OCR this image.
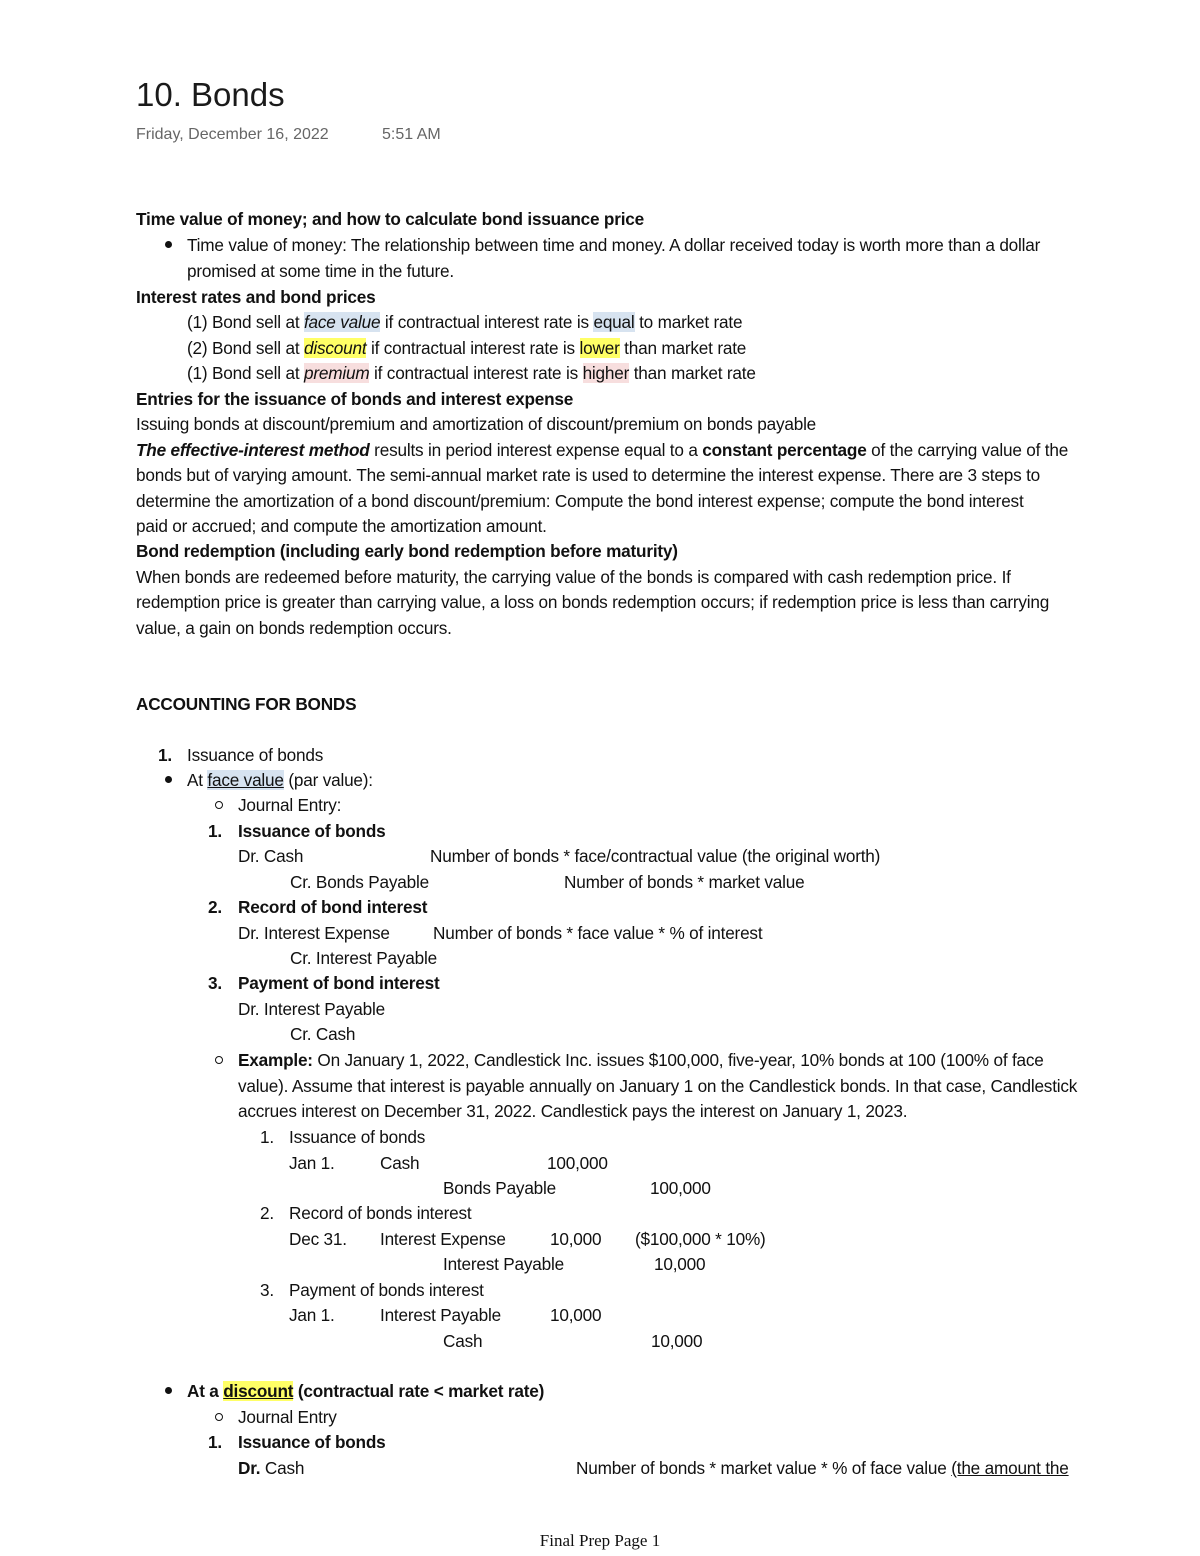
10. Bonds
Friday, December 16, 2022	5:51 AM
Time value of money; and how to calculate bond issuance price
Time value of money: The relationship between time and money. A dollar received today is worth more than a dollar
promised at some time in the future.
Interest rates and bond prices
(1) Bond sell at face value if contractual interest rate is equal to market rate
(2) Bond sell at discount if contractual interest rate is lower than market rate
(1) Bond sell at premium if contractual interest rate is higher than market rate
Entries for the issuance of bonds and interest expense
Issuing bonds at discount/premium and amortization of discount/premium on bonds payable
The effective-interest method results in period interest expense equal to a constant percentage of the carrying value of the
bonds but of varying amount. The semi-annual market rate is used to determine the interest expense. There are 3 steps to
determine the amortization of a bond discount/premium: Compute the bond interest expense; compute the bond interest
paid or accrued; and compute the amortization amount.
Bond redemption (including early bond redemption before maturity)
When bonds are redeemed before maturity, the carrying value of the bonds is compared with cash redemption price. If
redemption price is greater than carrying value, a loss on bonds redemption occurs; if redemption price is less than carrying
value, a gain on bonds redemption occurs.
ACCOUNTING FOR BONDS
1. Issuance of bonds
At face value (par value):
Journal Entry:
1. Issuance of bonds
Dr. Cash	Number of bonds * face/contractual value (the original worth)
Cr. Bonds Payable	Number of bonds * market value
2. Record of bond interest
Dr. Interest Expense	Number of bonds * face value * % of interest
Cr. Interest Payable
3. Payment of bond interest
Dr. Interest Payable
Cr. Cash
Example: On January 1, 2022, Candlestick Inc. issues $100,000, five-year, 10% bonds at 100 (100% of face
value). Assume that interest is payable annually on January 1 on the Candlestick bonds. In that case, Candlestick
accrues interest on December 31, 2022. Candlestick pays the interest on January 1, 2023.
1. Issuance of bonds
Jan 1.	Cash	100,000
Bonds Payable	100,000
2. Record of bonds interest
Dec 31. Interest Expense	10,000 ($100,000 * 10%)
Interest Payable	10,000
3. Payment of bonds interest
Jan 1.	Interest Payable	10,000
Cash	10,000
At a discount (contractual rate < market rate)
Journal Entry
1. Issuance of bonds
Dr. Cash	Number of bonds * market value * % of face value (the amount the
Final Prep Page 1
